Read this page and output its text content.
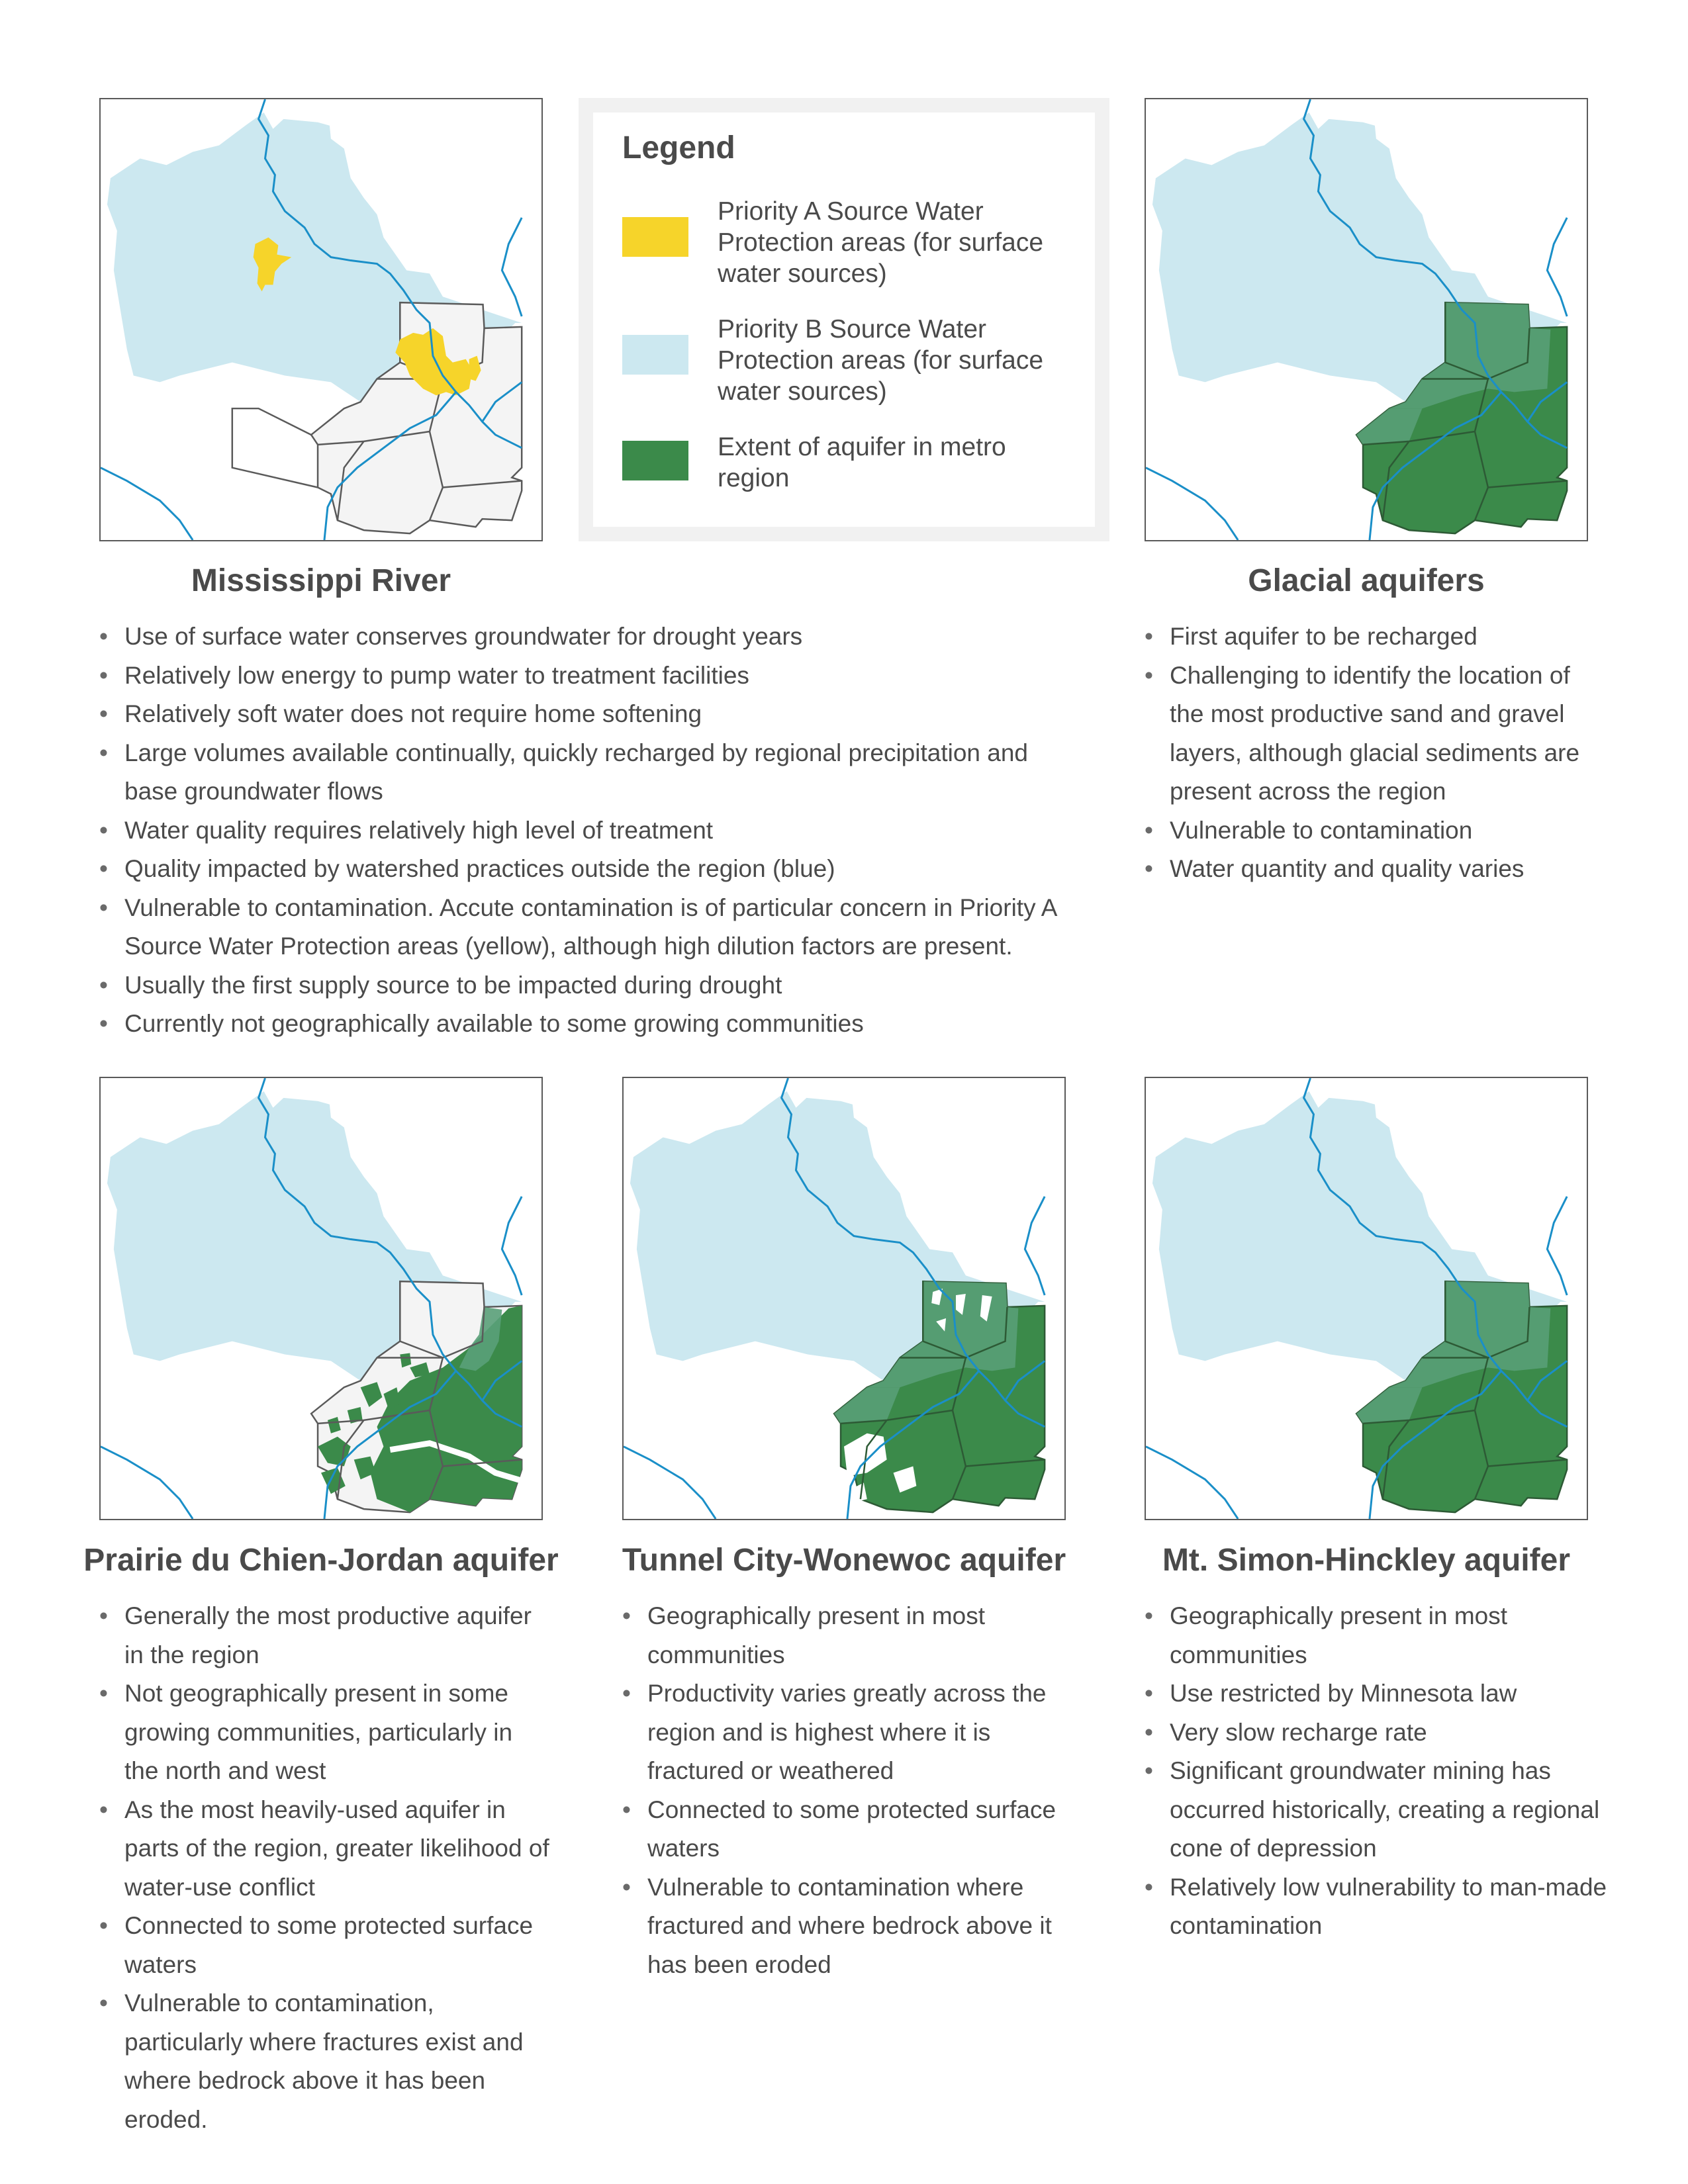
Legend
Priority A Source Water Protection areas (for surface water sources)
Priority B Source Water Protection areas (for surface water sources)
Extent of aquifer in metro region
Mississippi River	Glacial aquifers
• Use of surface water conserves groundwater for drought years
• Relatively low energy to pump water to treatment facilities
• Relatively soft water does not require home softening
• Large volumes available continually, quickly recharged by regional precipitation and base groundwater flows
• Water quality requires relatively high level of treatment
• Quality impacted by watershed practices outside the region (blue)
• Vulnerable to contamination. Accute contamination is of particular concern in Priority A Source Water Protection areas (yellow), although high dilution factors are present.
• Usually the first supply source to be impacted during drought
• Currently not geographically available to some growing communities
• First aquifer to be recharged
• Challenging to identify the location of the most productive sand and gravel layers, although glacial sediments are present across the region
• Vulnerable to contamination
• Water quantity and quality varies
Prairie du Chien-Jordan aquifer	Tunnel City-Wonewoc aquifer	Mt. Simon-Hinckley aquifer
• Generally the most productive aquifer in the region
• Not geographically present in some growing communities, particularly in the north and west
• As the most heavily-used aquifer in parts of the region, greater likelihood of water-use conflict
• Connected to some protected surface waters
• Vulnerable to contamination, particularly where fractures exist and where bedrock above it has been eroded.
• Geographically present in most communities
• Productivity varies greatly across the region and is highest where it is fractured or weathered
• Connected to some protected surface waters
• Vulnerable to contamination where fractured and where bedrock above it has been eroded
• Geographically present in most communities
• Use restricted by Minnesota law
• Very slow recharge rate
• Significant groundwater mining has occurred historically, creating a regional cone of depression
• Relatively low vulnerability to man-made contamination
